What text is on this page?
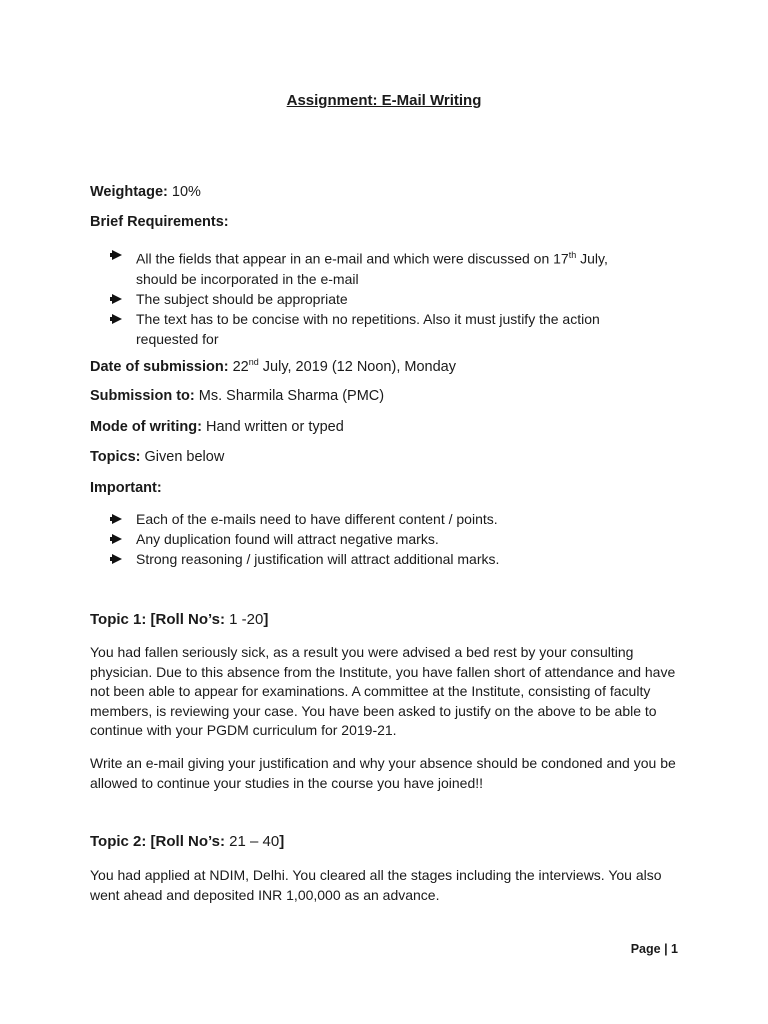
Assignment: E-Mail Writing
Weightage: 10%
Brief Requirements:
All the fields that appear in an e-mail and which were discussed on 17th July,
should be incorporated in the e-mail
The subject should be appropriate
The text has to be concise with no repetitions. Also it must justify the action
requested for
Date of submission: 22nd July, 2019 (12 Noon), Monday
Submission to: Ms. Sharmila Sharma (PMC)
Mode of writing: Hand written or typed
Topics: Given below
Important:
Each of the e-mails need to have different content / points.
Any duplication found will attract negative marks.
Strong reasoning / justification will attract additional marks.
Topic 1: [Roll No’s: 1 -20]
You had fallen seriously sick, as a result you were advised a bed rest by your consulting physician. Due to this absence from the Institute, you have fallen short of attendance and have not been able to appear for examinations. A committee at the Institute, consisting of faculty members, is reviewing your case. You have been asked to justify on the above to be able to continue with your PGDM curriculum for 2019-21.
Write an e-mail giving your justification and why your absence should be condoned and you be allowed to continue your studies in the course you have joined!!
Topic 2: [Roll No’s: 21 – 40]
You had applied at NDIM, Delhi. You cleared all the stages including the interviews. You also went ahead and deposited INR 1,00,000 as an advance.
Page | 1
